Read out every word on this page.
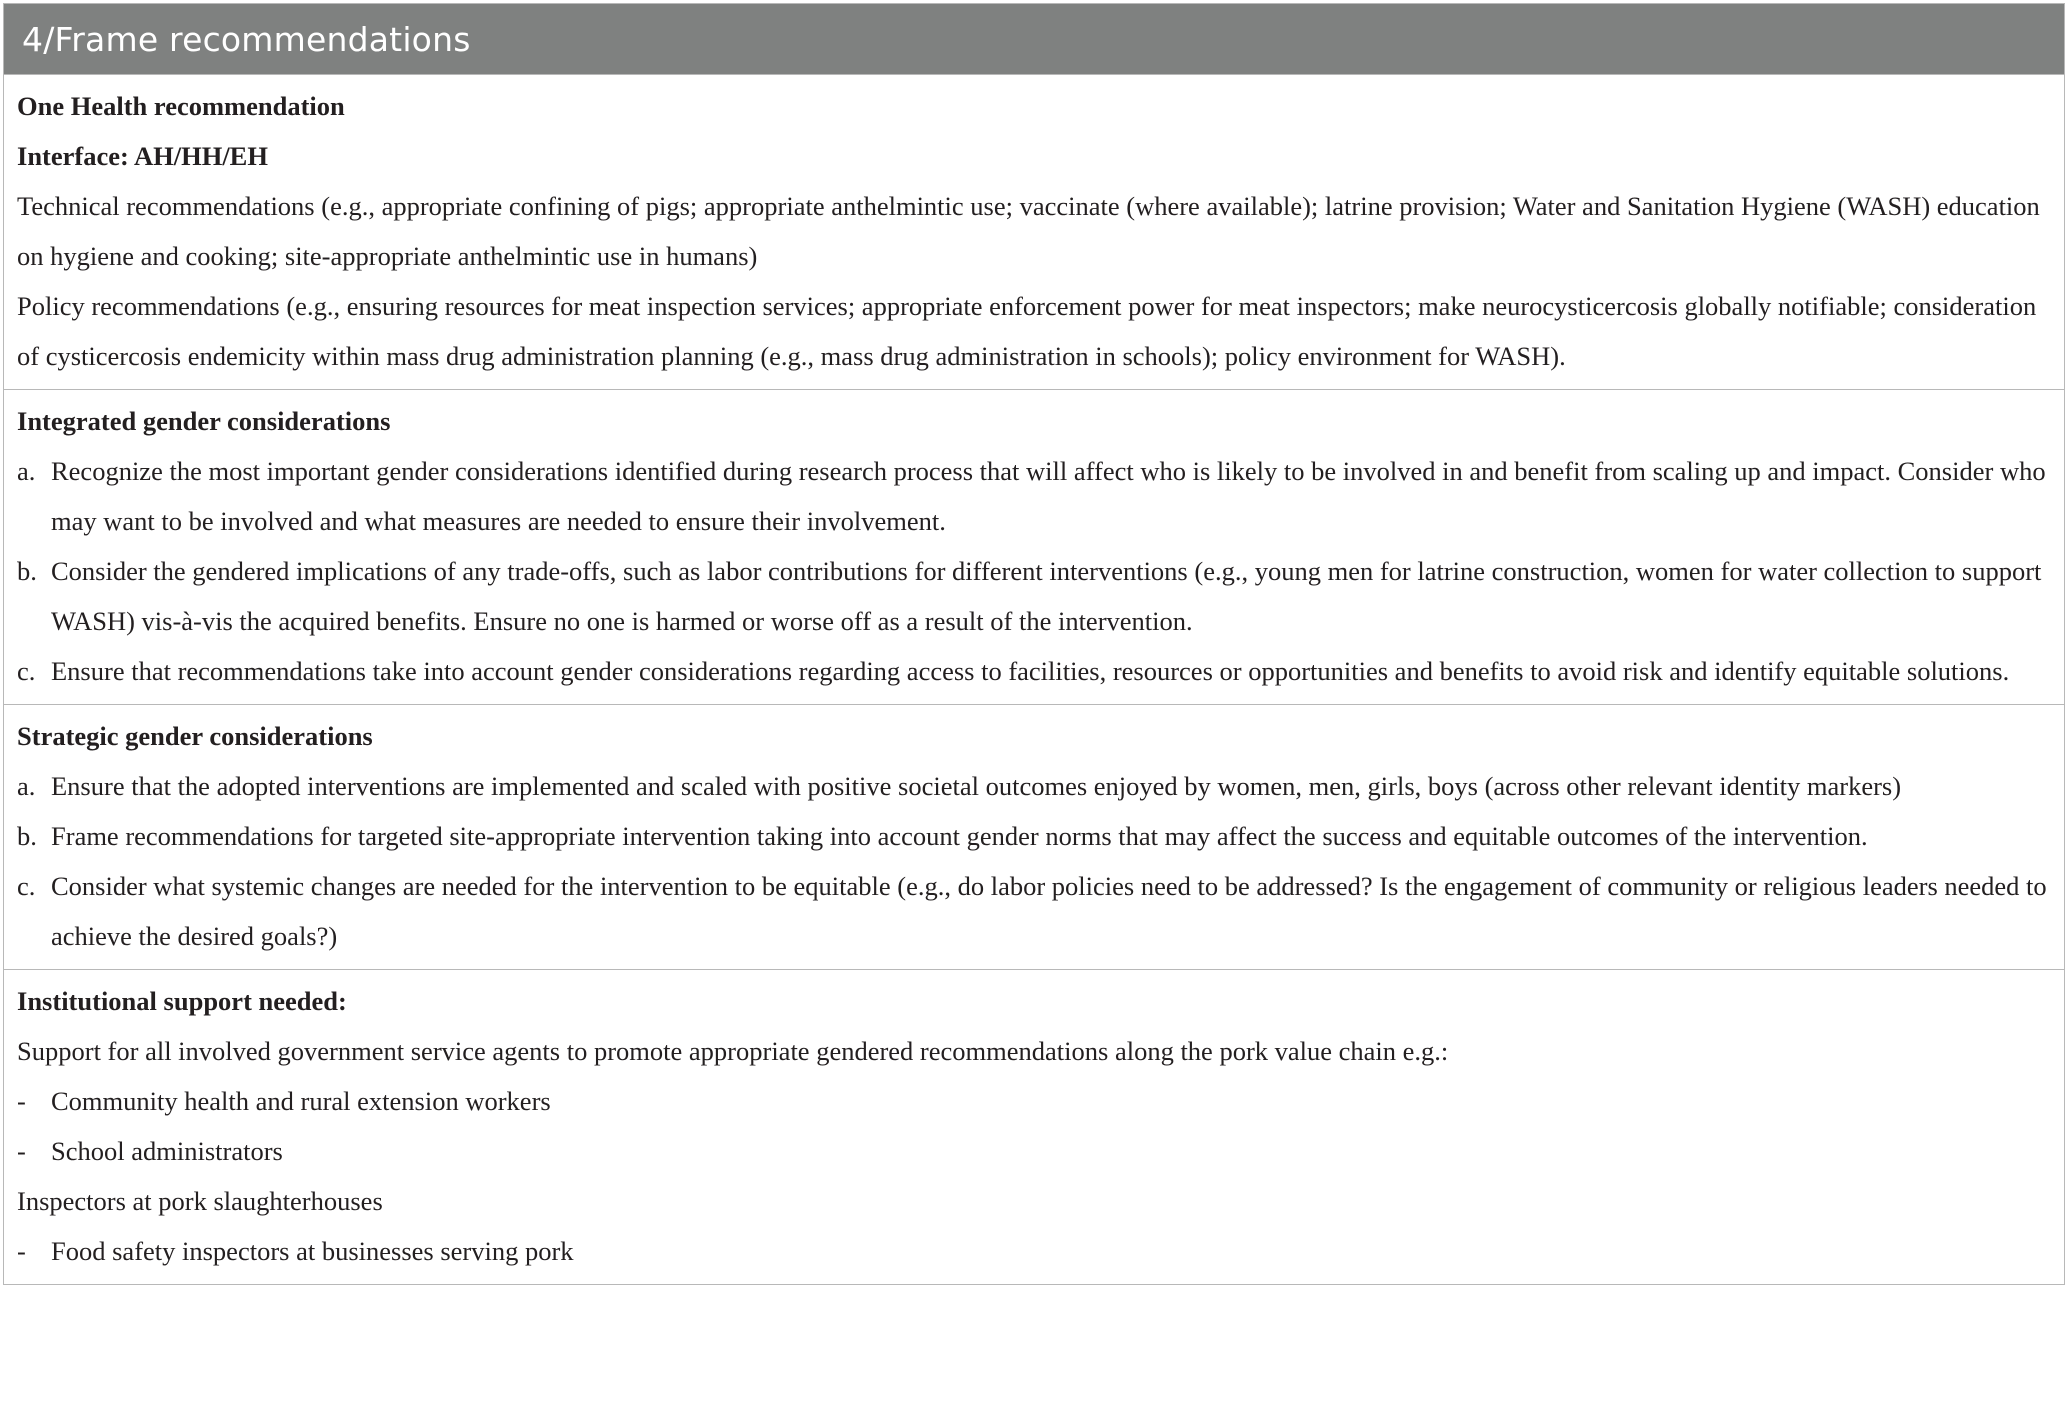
4/Frame recommendations
One Health recommendation
Interface: AH/HH/EH
Technical recommendations (e.g., appropriate confining of pigs; appropriate anthelmintic use; vaccinate (where available); latrine provision; Water and Sanitation Hygiene (WASH) education on hygiene and cooking; site-appropriate anthelmintic use in humans)
Policy recommendations (e.g., ensuring resources for meat inspection services; appropriate enforcement power for meat inspectors; make neurocysticercosis globally notifiable; consideration of cysticercosis endemicity within mass drug administration planning (e.g., mass drug administration in schools); policy environment for WASH).
Integrated gender considerations
a. Recognize the most important gender considerations identified during research process that will affect who is likely to be involved in and benefit from scaling up and impact. Consider who may want to be involved and what measures are needed to ensure their involvement.
b. Consider the gendered implications of any trade-offs, such as labor contributions for different interventions (e.g., young men for latrine construction, women for water collection to support WASH) vis-à-vis the acquired benefits. Ensure no one is harmed or worse off as a result of the intervention.
c. Ensure that recommendations take into account gender considerations regarding access to facilities, resources or opportunities and benefits to avoid risk and identify equitable solutions.
Strategic gender considerations
a. Ensure that the adopted interventions are implemented and scaled with positive societal outcomes enjoyed by women, men, girls, boys (across other relevant identity markers)
b. Frame recommendations for targeted site-appropriate intervention taking into account gender norms that may affect the success and equitable outcomes of the intervention.
c. Consider what systemic changes are needed for the intervention to be equitable (e.g., do labor policies need to be addressed? Is the engagement of community or religious leaders needed to achieve the desired goals?)
Institutional support needed:
Support for all involved government service agents to promote appropriate gendered recommendations along the pork value chain e.g.:
- Community health and rural extension workers
- School administrators
Inspectors at pork slaughterhouses
- Food safety inspectors at businesses serving pork
